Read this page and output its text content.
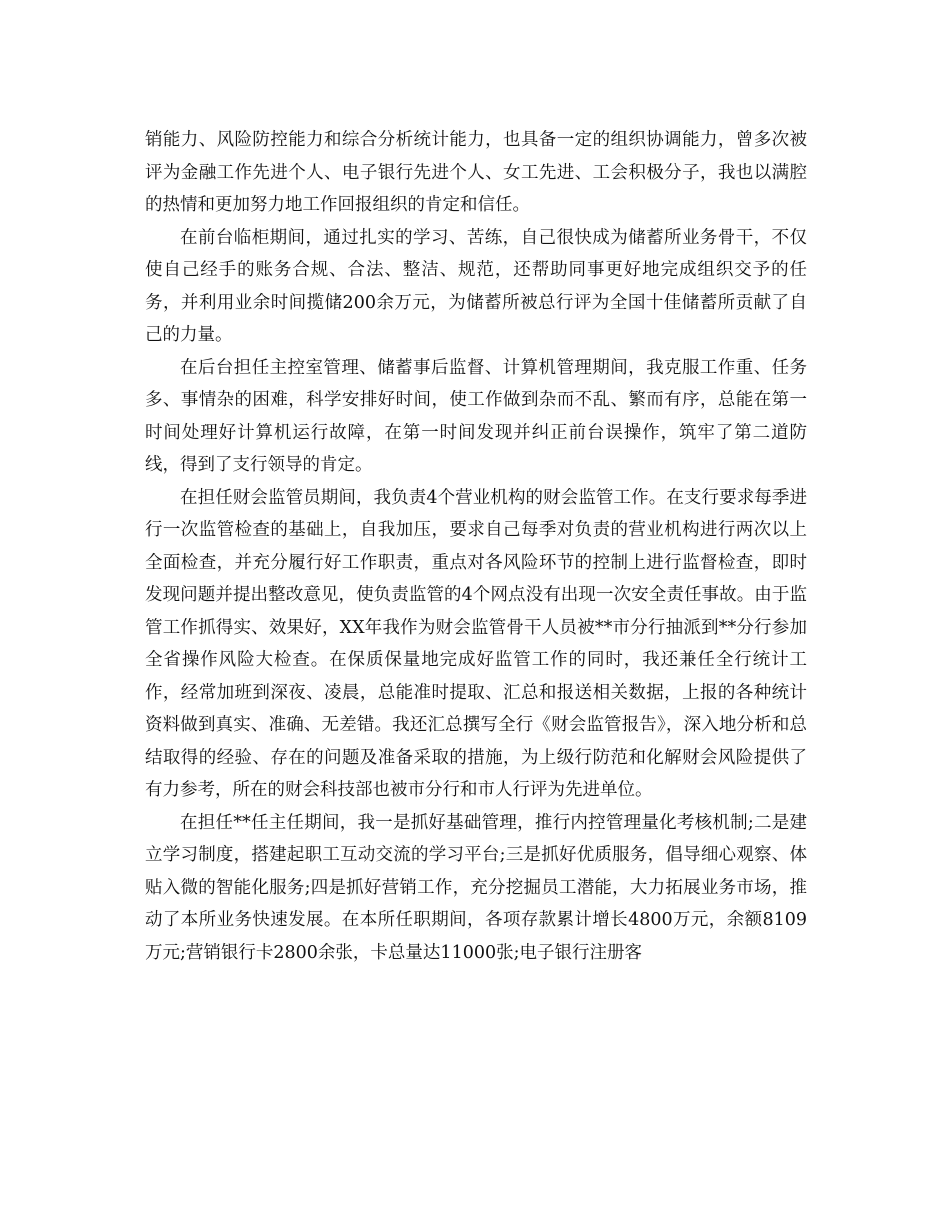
销能力、风险防控能力和综合分析统计能力，也具备一定的组织协调能力，曾多次被评为金融工作先进个人、电子银行先进个人、女工先进、工会积极分子，我也以满腔的热情和更加努力地工作回报组织的肯定和信任。

在前台临柜期间，通过扎实的学习、苦练，自己很快成为储蓄所业务骨干，不仅使自己经手的账务合规、合法、整洁、规范，还帮助同事更好地完成组织交予的任务，并利用业余时间揽储200余万元，为储蓄所被总行评为全国十佳储蓄所贡献了自己的力量。

在后台担任主控室管理、储蓄事后监督、计算机管理期间，我克服工作重、任务多、事情杂的困难，科学安排好时间，使工作做到杂而不乱、繁而有序，总能在第一时间处理好计算机运行故障，在第一时间发现并纠正前台误操作，筑牢了第二道防线，得到了支行领导的肯定。

在担任财会监管员期间，我负责4个营业机构的财会监管工作。在支行要求每季进行一次监管检查的基础上，自我加压，要求自己每季对负责的营业机构进行两次以上全面检查，并充分履行好工作职责，重点对各风险环节的控制上进行监督检查，即时发现问题并提出整改意见，使负责监管的4个网点没有出现一次安全责任事故。由于监管工作抓得实、效果好，XX年我作为财会监管骨干人员被**市分行抽派到**分行参加全省操作风险大检查。在保质保量地完成好监管工作的同时，我还兼任全行统计工作，经常加班到深夜、凌晨，总能准时提取、汇总和报送相关数据，上报的各种统计资料做到真实、准确、无差错。我还汇总撰写全行《财会监管报告》，深入地分析和总结取得的经验、存在的问题及准备采取的措施，为上级行防范和化解财会风险提供了有力参考，所在的财会科技部也被市分行和市人行评为先进单位。

在担任**任主任期间，我一是抓好基础管理，推行内控管理量化考核机制;二是建立学习制度，搭建起职工互动交流的学习平台;三是抓好优质服务，倡导细心观察、体贴入微的智能化服务;四是抓好营销工作，充分挖掘员工潜能，大力拓展业务市场，推动了本所业务快速发展。在本所任职期间，各项存款累计增长4800万元，余额8109万元;营销银行卡2800余张，卡总量达11000张;电子银行注册客
